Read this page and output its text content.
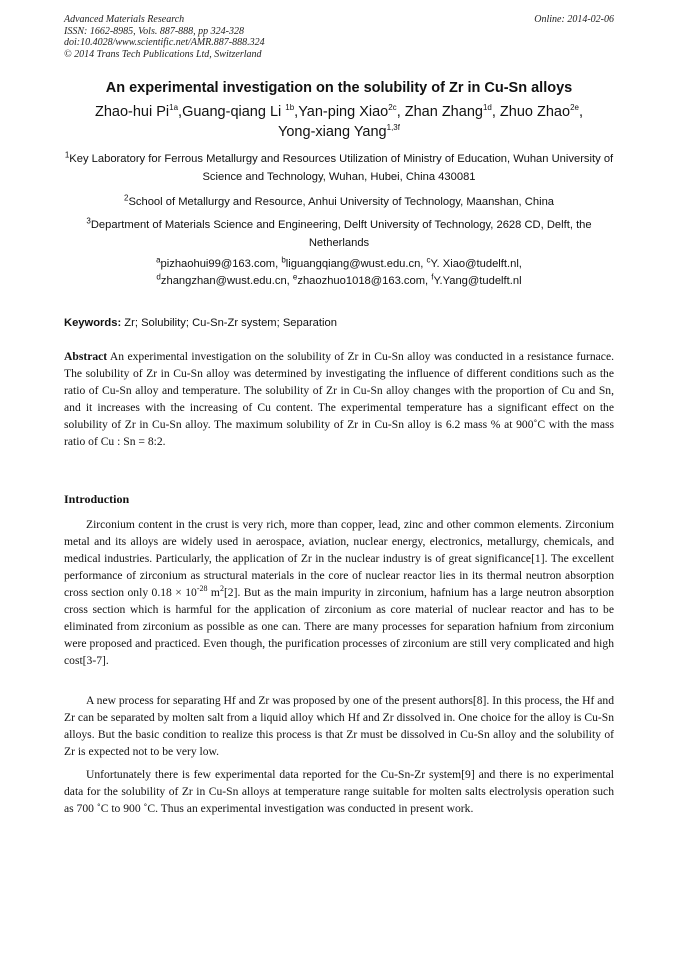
Advanced Materials Research
ISSN: 1662-8985, Vols. 887-888, pp 324-328
doi:10.4028/www.scientific.net/AMR.887-888.324
© 2014 Trans Tech Publications Ltd, Switzerland
Online: 2014-02-06
An experimental investigation on the solubility of Zr in Cu-Sn alloys
Zhao-hui $Pi^{1a},Guang$-qiang Li $^{1b}$,Yan-ping Xiao$^{2c}$, Zhan Zhang$^{1d}$, Zhuo Zhao$^{2e}$,
Yong-xiang Yang$^{1,3f}$
$^1$Key Laboratory for Ferrous Metallurgy and Resources Utilization of Ministry of Education, Wuhan University of Science and Technology, Wuhan, Hubei, China 430081
$^2$School of Metallurgy and Resource, Anhui University of Technology, Maanshan, China
$^3$Department of Materials Science and Engineering, Delft University of Technology, 2628 CD, Delft, the Netherlands
$^a$pizhaohui99@163.com, $^b$liguangqiang@wust.edu.cn, $^c$Y. Xiao@tudelft.nl,
$^d$zhangzhan@wust.edu.cn, $^e$zhaozhuo1018@163.com, $^f$Y.Yang@tudelft.nl
Keywords: Zr; Solubility; Cu-Sn-Zr system; Separation
Abstract An experimental investigation on the solubility of Zr in Cu-Sn alloy was conducted in a resistance furnace. The solubility of Zr in Cu-Sn alloy was determined by investigating the influence of different conditions such as the ratio of Cu-Sn alloy and temperature. The solubility of Zr in Cu-Sn alloy changes with the proportion of Cu and Sn, and it increases with the increasing of Cu content. The experimental temperature has a significant effect on the solubility of Zr in Cu-Sn alloy. The maximum solubility of Zr in Cu-Sn alloy is 6.2 mass % at 900˚C with the mass ratio of Cu : Sn = 8:2.
Introduction

Zirconium content in the crust is very rich, more than copper, lead, zinc and other common elements. Zirconium metal and its alloys are widely used in aerospace, aviation, nuclear energy, electronics, metallurgy, chemicals, and medical industries. Particularly, the application of Zr in the nuclear industry is of great significance[1]. The excellent performance of zirconium as structural materials in the core of nuclear reactor lies in its thermal neutron absorption cross section only $0.18 \times 10^{-28}$ $m^2[2]$. But as the main impurity in zirconium, hafnium has a large neutron absorption cross section which is harmful for the application of zirconium as core material of nuclear reactor and has to be eliminated from zirconium as possible as one can. There are many processes for separation hafnium from zirconium were proposed and practiced. Even though, the purification processes of zirconium are still very complicated and high cost[3-7].

A new process for separating Hf and Zr was proposed by one of the present authors[8]. In this process, the Hf and Zr can be separated by molten salt from a liquid alloy which Hf and Zr dissolved in. One choice for the alloy is Cu-Sn alloys. But the basic condition to realize this process is that Zr must be dissolved in Cu-Sn alloy and the solubility of Zr is expected not to be very low.

Unfortunately there is few experimental data reported for the Cu-Sn-Zr system[9] and there is no experimental data for the solubility of Zr in Cu-Sn alloys at temperature range suitable for molten salts electrolysis operation such as 700 ˚C to 900 ˚C. Thus an experimental investigation was conducted in present work.
